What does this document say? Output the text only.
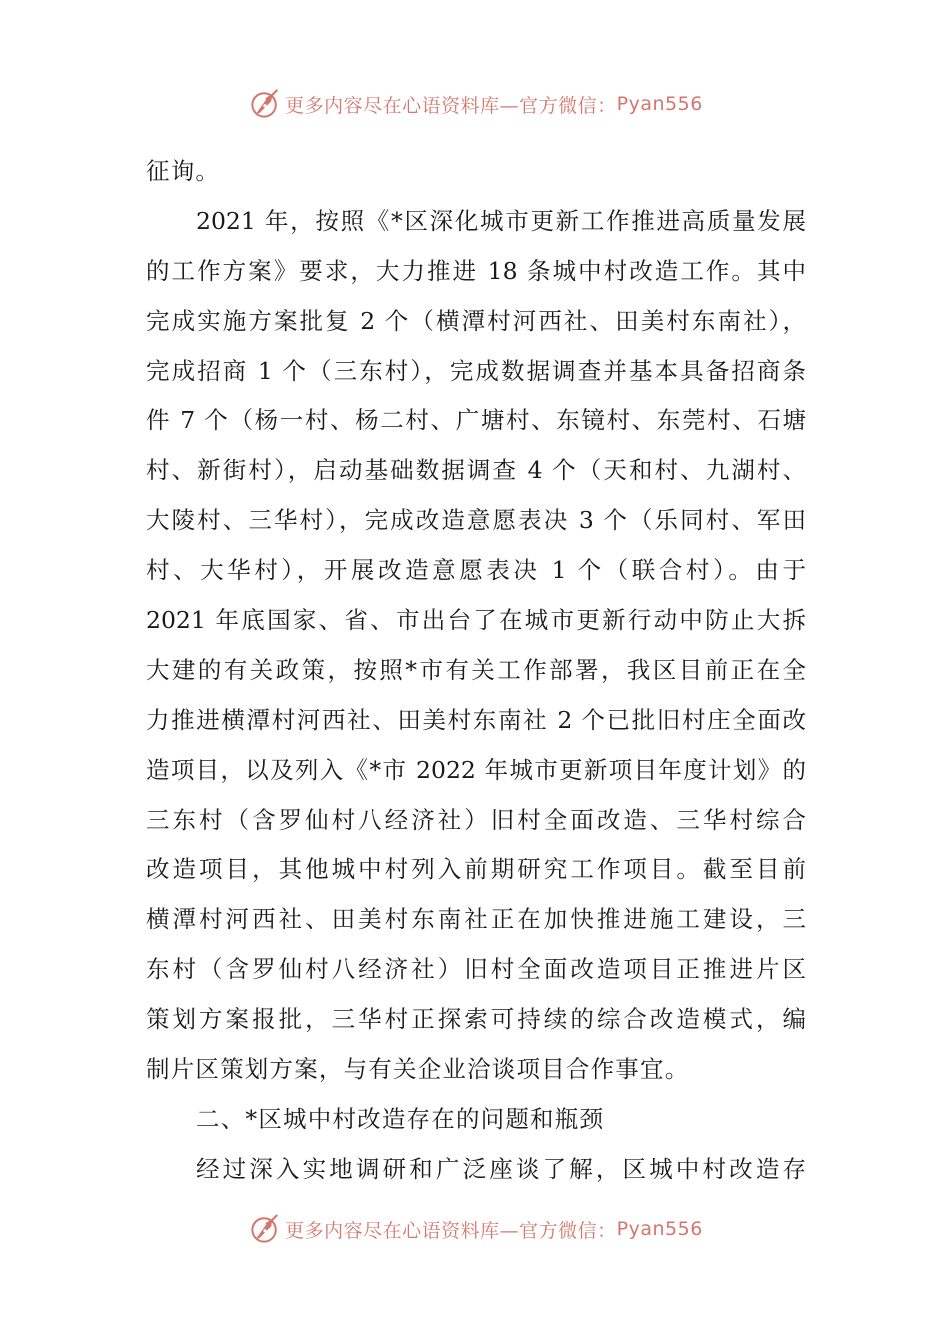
更多内容尽在心语资料库—官方微信： Pyan556
征询。
2021 年，按照《*区深化城市更新工作推进高质量发展
的工作方案》要求，大力推进 18 条城中村改造工作。其中
完成实施方案批复 2 个（横潭村河西社、田美村东南社），
完成招商 1 个（三东村），完成数据调查并基本具备招商条
件 7 个（杨一村、杨二村、广塘村、东镜村、东莞村、石塘
村、新街村），启动基础数据调查 4 个（天和村、九湖村、
大陵村、三华村），完成改造意愿表决 3 个（乐同村、军田
村、大华村），开展改造意愿表决 1 个（联合村）。由于
2021 年底国家、省、市出台了在城市更新行动中防止大拆
大建的有关政策，按照*市有关工作部署，我区目前正在全
力推进横潭村河西社、田美村东南社 2 个已批旧村庄全面改
造项目，以及列入《*市 2022 年城市更新项目年度计划》的
三东村（含罗仙村八经济社）旧村全面改造、三华村综合
改造项目，其他城中村列入前期研究工作项目。截至目前
横潭村河西社、田美村东南社正在加快推进施工建设，三
东村（含罗仙村八经济社）旧村全面改造项目正推进片区
策划方案报批，三华村正探索可持续的综合改造模式，编
制片区策划方案，与有关企业洽谈项目合作事宜。
二、*区城中村改造存在的问题和瓶颈
经过深入实地调研和广泛座谈了解，区城中村改造存
更多内容尽在心语资料库—官方微信： Pyan556
